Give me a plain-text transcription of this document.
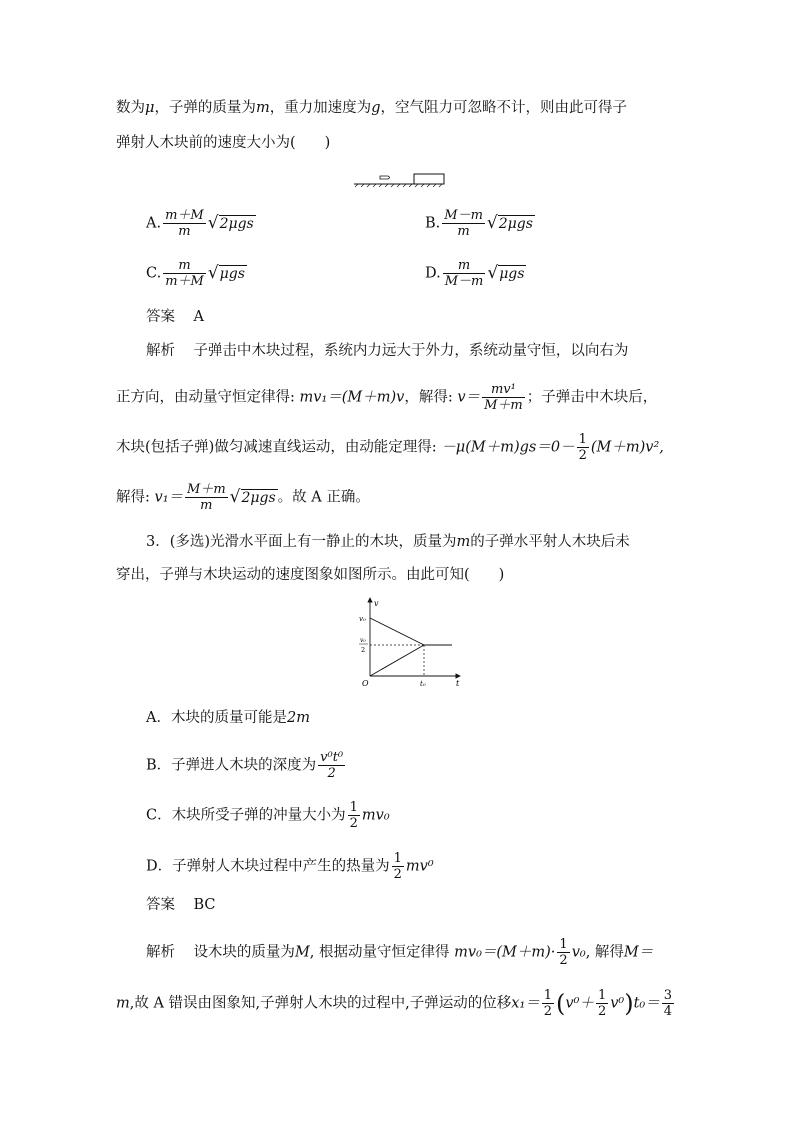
数为μ，子弹的质量为m，重力加速度为g，空气阻力可忽略不计，则由此可得子
弹射人木块前的速度大小为(　　)
A. $\frac{m+M}{m} √2\mu gs$	B. $\frac{M-m}{m} √2\mu gs$
C. $\frac{m}{m+M} √\mu gs$	D. $\frac{m}{M-m} √\mu gs$
答案 A
解析 子弹击中木块过程，系统内力远大于外力，系统动量守恒，以向右为
正方向，由动量守恒定律得: mv₁＝(M＋m)v，解得: $v= \frac{\text{mv¹}}{M+m}$ ；子弹击中木块后，
木块(包括子弹)做匀减速直线运动，由动能定理得: $-\mu(M+m)gs=0- \frac{1}{2} (M+m)v^2$,
解得: $v_1= \frac{M+m}{m} √2\mu gs$ 。故 A 正确。
3．(多选)光滑水平面上有一静止的木块，质量为m的子弹水平射人木块后未
穿出，子弹与木块运动的速度图象如图所示。由此可知(　　)
v
t
O
v₀
v₀
2
t₀
A．木块的质量可能是2m
B．子弹进人木块的深度为 $\frac{\text{v⁰t⁰}}{2}$
C．木块所受子弹的冲量大小为 $\frac{1}{2} mv_0$
D．子弹射人木块过程中产生的热量为 $\frac{1}{2} mv^0$
答案 BC
解析 设木块的质量为M, 根据动量守恒定律得 $mv_0=(M+m)\cdot \frac{1}{2} v_0$, 解得M＝
m,故 A 错误由图象知,子弹射人木块的过程中,子弹运动的位移$x_1= \frac{1}{2} (v^0+ \frac{1}{2} v^0)t_0= \frac{3}{4}$
